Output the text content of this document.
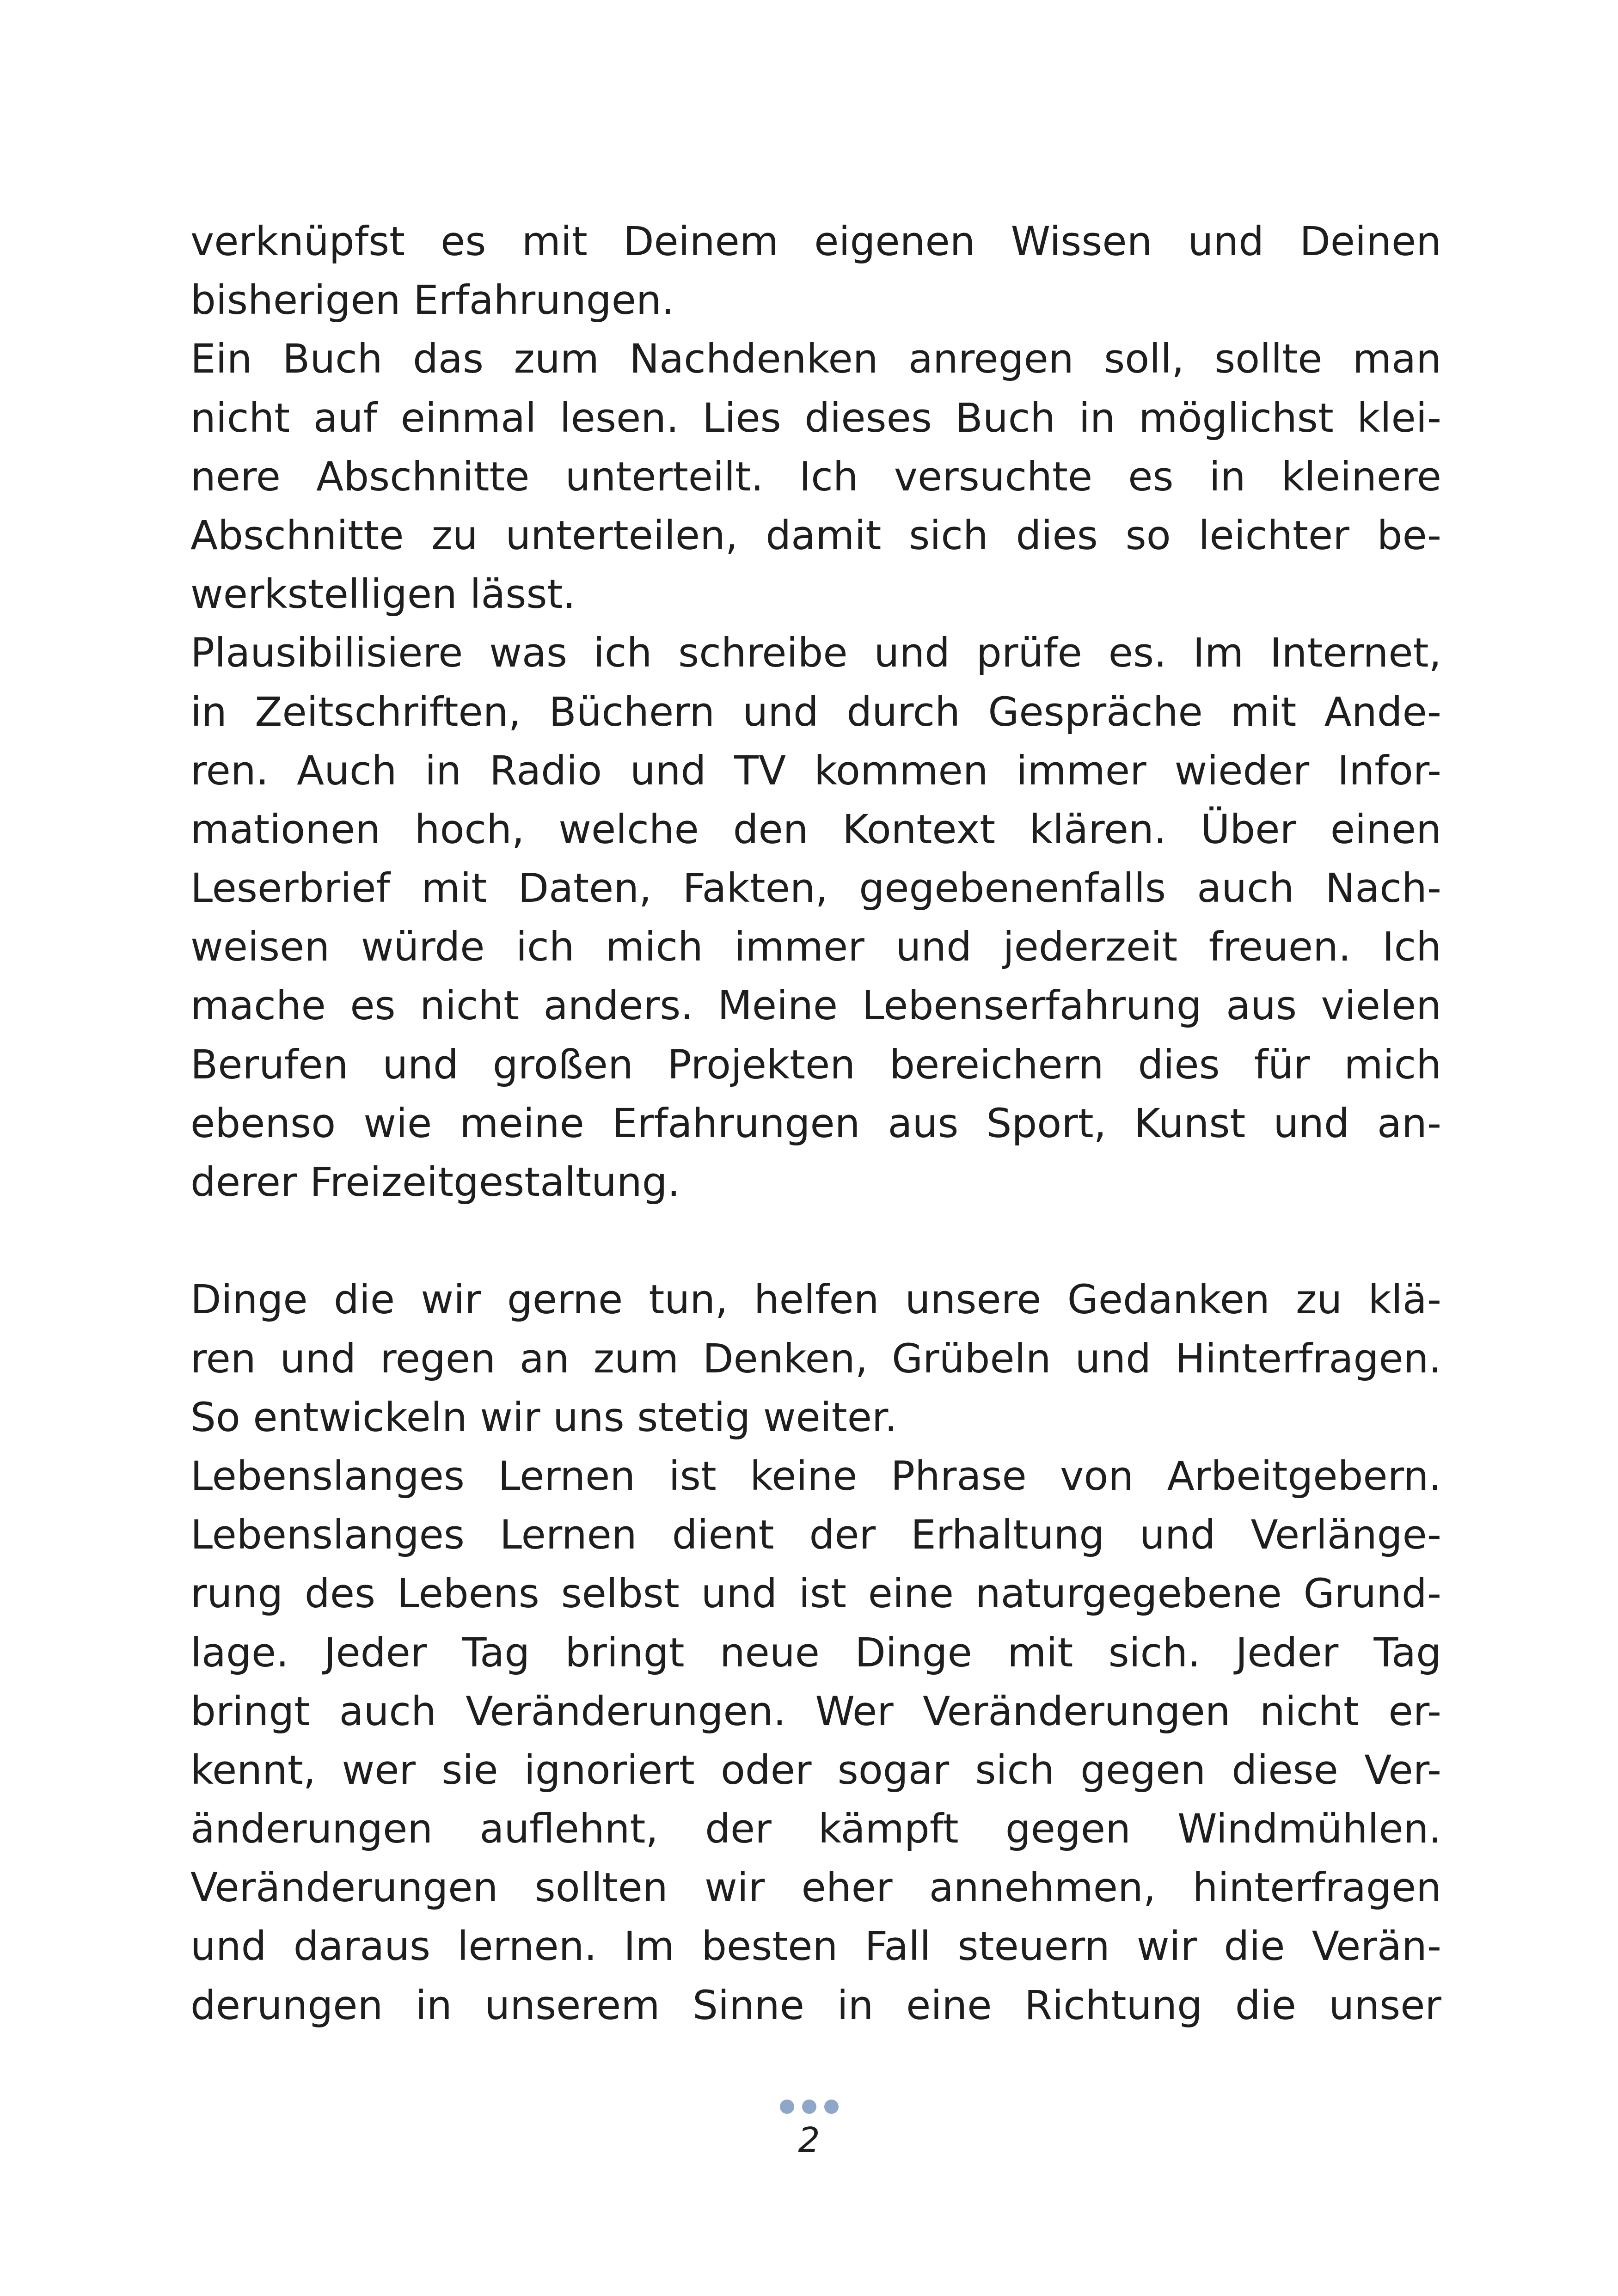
verknüpfst es mit Deinem eigenen Wissen und Deinen
bisherigen Erfahrungen.
Ein Buch das zum Nachdenken anregen soll, sollte man
nicht auf einmal lesen. Lies dieses Buch in möglichst klei-
nere Abschnitte unterteilt. Ich versuchte es in kleinere
Abschnitte zu unterteilen, damit sich dies so leichter be-
werkstelligen lässt.
Plausibilisiere was ich schreibe und prüfe es. Im Internet,
in Zeitschriften, Büchern und durch Gespräche mit Ande-
ren. Auch in Radio und TV kommen immer wieder Infor-
mationen hoch, welche den Kontext klären. Über einen
Leserbrief mit Daten, Fakten, gegebenenfalls auch Nach-
weisen würde ich mich immer und jederzeit freuen. Ich
mache es nicht anders. Meine Lebenserfahrung aus vielen
Berufen und großen Projekten bereichern dies für mich
ebenso wie meine Erfahrungen aus Sport, Kunst und an-
derer Freizeitgestaltung.
Dinge die wir gerne tun, helfen unsere Gedanken zu klä-
ren und regen an zum Denken, Grübeln und Hinterfragen.
So entwickeln wir uns stetig weiter.
Lebenslanges Lernen ist keine Phrase von Arbeitgebern.
Lebenslanges Lernen dient der Erhaltung und Verlänge-
rung des Lebens selbst und ist eine naturgegebene Grund-
lage. Jeder Tag bringt neue Dinge mit sich. Jeder Tag
bringt auch Veränderungen. Wer Veränderungen nicht er-
kennt, wer sie ignoriert oder sogar sich gegen diese Ver-
änderungen auflehnt, der kämpft gegen Windmühlen.
Veränderungen sollten wir eher annehmen, hinterfragen
und daraus lernen. Im besten Fall steuern wir die Verän-
derungen in unserem Sinne in eine Richtung die unser
2
